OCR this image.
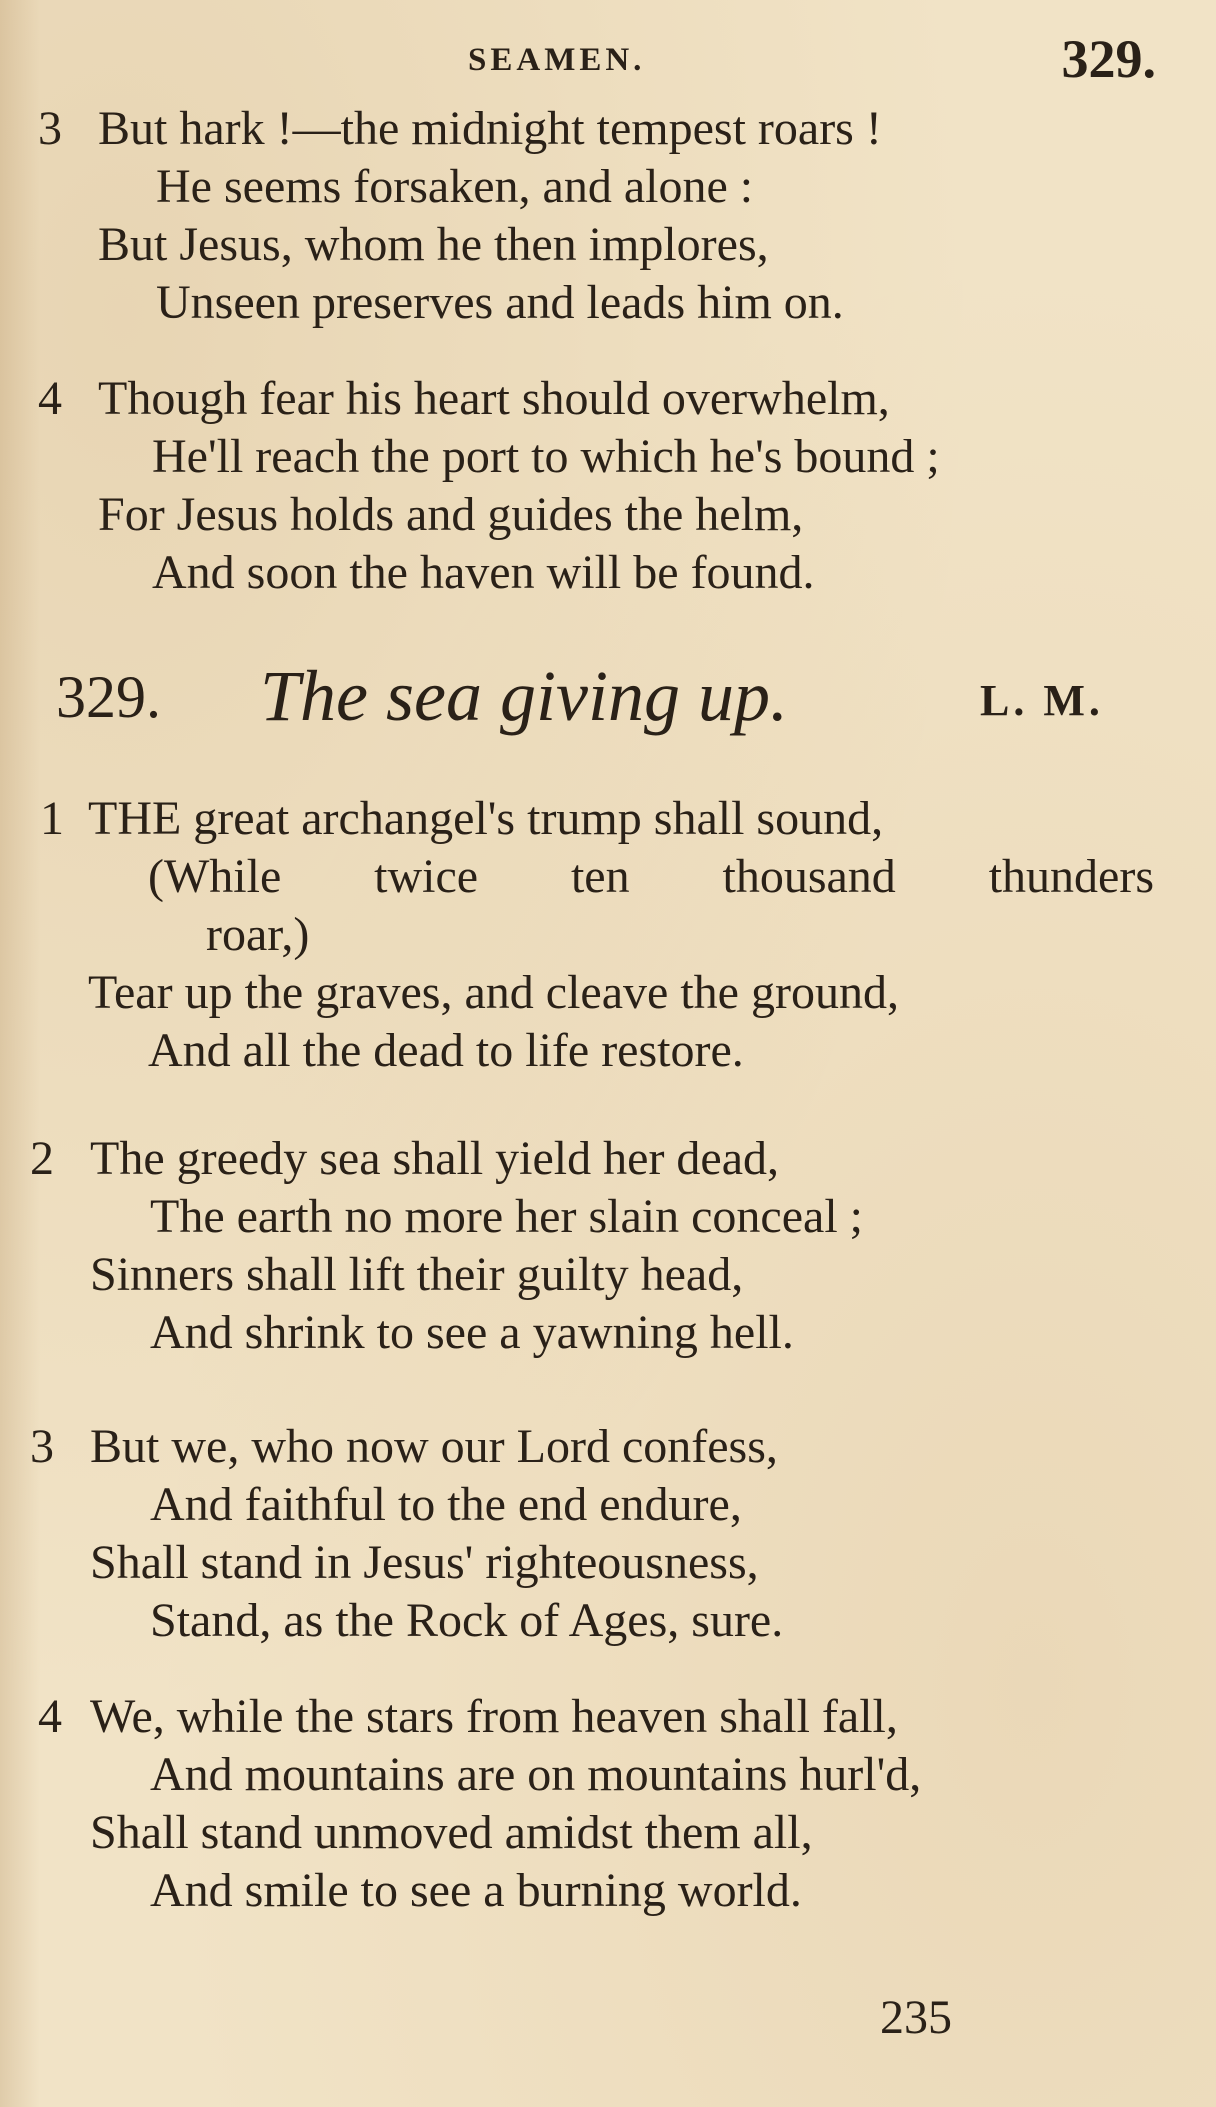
SEAMEN.	329.
3 But hark !—the midnight tempest roars !
He seems forsaken, and alone :
But Jesus, whom he then implores,
Unseen preserves and leads him on.
4 Though fear his heart should overwhelm,
He'll reach the port to which he's bound ;
For Jesus holds and guides the helm,
And soon the haven will be found.
329. The sea giving up.	L. M.
1 THE great archangel's trump shall sound,
(While twice ten thousand thunders
roar,)
Tear up the graves, and cleave the ground,
And all the dead to life restore.
2 The greedy sea shall yield her dead,
The earth no more her slain conceal ;
Sinners shall lift their guilty head,
And shrink to see a yawning hell.
3 But we, who now our Lord confess,
And faithful to the end endure,
Shall stand in Jesus' righteousness,
Stand, as the Rock of Ages, sure.
4 We, while the stars from heaven shall fall,
And mountains are on mountains hurl'd,
Shall stand unmoved amidst them all,
And smile to see a burning world.
235
